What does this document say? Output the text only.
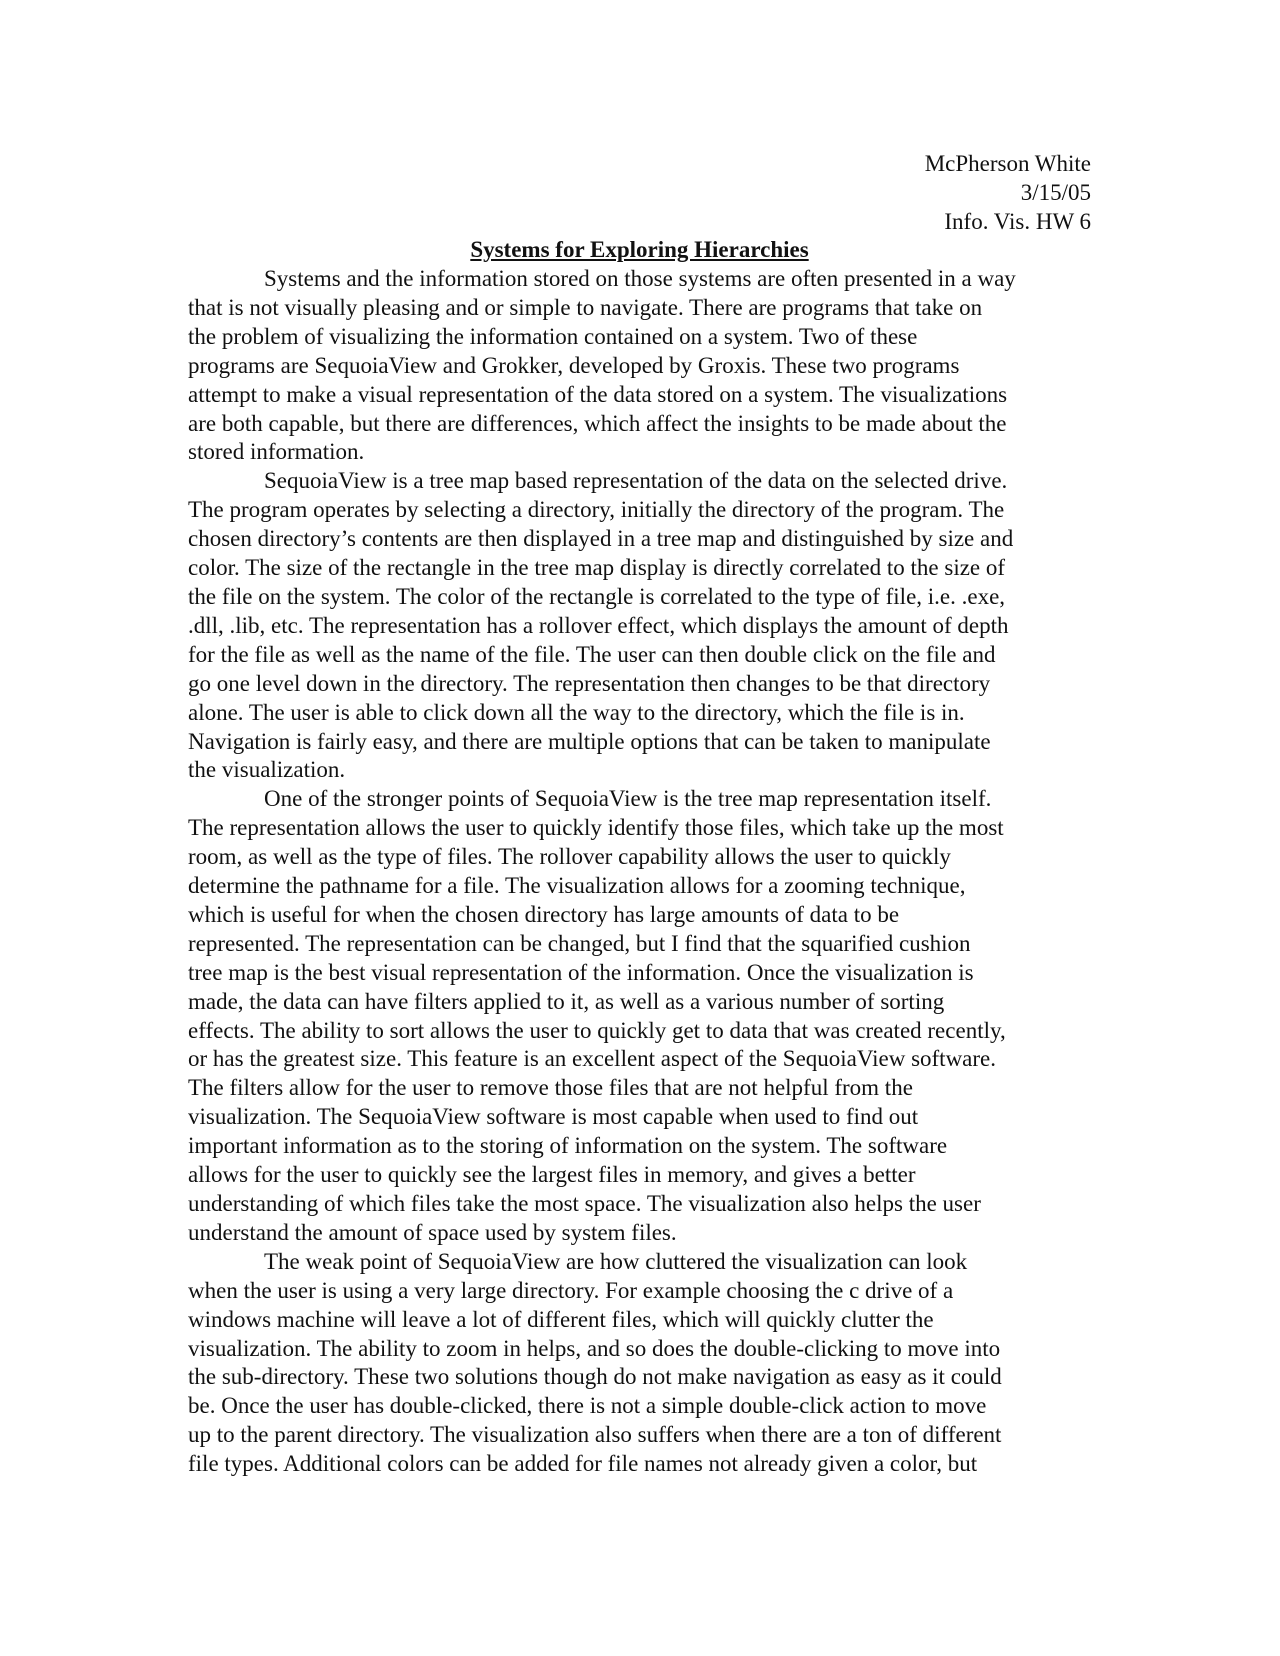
McPherson White
3/15/05
Info. Vis. HW 6
Systems for Exploring Hierarchies
Systems and the information stored on those systems are often presented in a way
that is not visually pleasing and or simple to navigate. There are programs that take on
the problem of visualizing the information contained on a system. Two of these
programs are SequoiaView and Grokker, developed by Groxis. These two programs
attempt to make a visual representation of the data stored on a system. The visualizations
are both capable, but there are differences, which affect the insights to be made about the
stored information.
SequoiaView is a tree map based representation of the data on the selected drive.
The program operates by selecting a directory, initially the directory of the program. The
chosen directory’s contents are then displayed in a tree map and distinguished by size and
color. The size of the rectangle in the tree map display is directly correlated to the size of
the file on the system. The color of the rectangle is correlated to the type of file, i.e. .exe,
.dll, .lib, etc. The representation has a rollover effect, which displays the amount of depth
for the file as well as the name of the file. The user can then double click on the file and
go one level down in the directory. The representation then changes to be that directory
alone. The user is able to click down all the way to the directory, which the file is in.
Navigation is fairly easy, and there are multiple options that can be taken to manipulate
the visualization.
One of the stronger points of SequoiaView is the tree map representation itself.
The representation allows the user to quickly identify those files, which take up the most
room, as well as the type of files. The rollover capability allows the user to quickly
determine the pathname for a file. The visualization allows for a zooming technique,
which is useful for when the chosen directory has large amounts of data to be
represented. The representation can be changed, but I find that the squarified cushion
tree map is the best visual representation of the information. Once the visualization is
made, the data can have filters applied to it, as well as a various number of sorting
effects. The ability to sort allows the user to quickly get to data that was created recently,
or has the greatest size. This feature is an excellent aspect of the SequoiaView software.
The filters allow for the user to remove those files that are not helpful from the
visualization. The SequoiaView software is most capable when used to find out
important information as to the storing of information on the system. The software
allows for the user to quickly see the largest files in memory, and gives a better
understanding of which files take the most space. The visualization also helps the user
understand the amount of space used by system files.
The weak point of SequoiaView are how cluttered the visualization can look
when the user is using a very large directory. For example choosing the c drive of a
windows machine will leave a lot of different files, which will quickly clutter the
visualization. The ability to zoom in helps, and so does the double-clicking to move into
the sub-directory. These two solutions though do not make navigation as easy as it could
be. Once the user has double-clicked, there is not a simple double-click action to move
up to the parent directory. The visualization also suffers when there are a ton of different
file types. Additional colors can be added for file names not already given a color, but
